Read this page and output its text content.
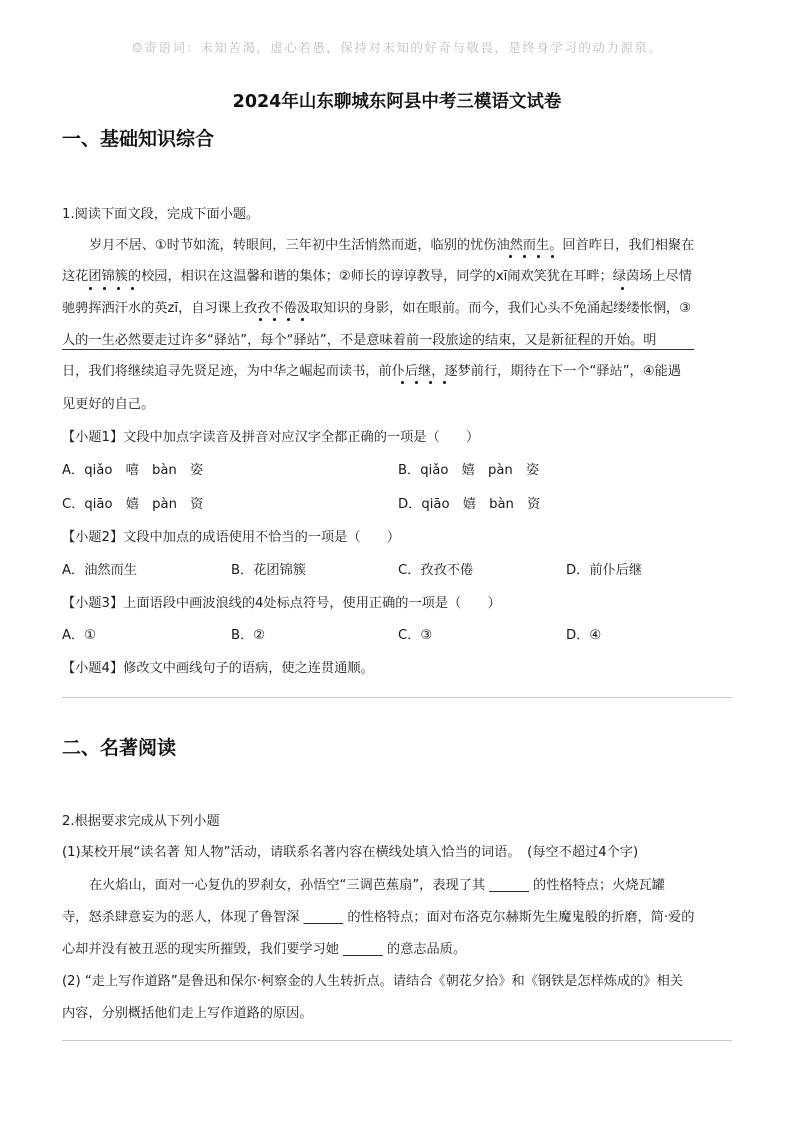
☺寄语词：未知苦渴，虚心若愚，保持对未知的好奇与敬畏，是终身学习的动力源泉。
2024年山东聊城东阿县中考三模语文试卷
一、基础知识综合
1.阅读下面文段，完成下面小题。
岁月不居、①时节如流，转眼间，三年初中生活悄然而逝，临别的忧伤油然而生。回首昨日，我们相聚在
这花团锦簇的校园，相识在这温馨和谐的集体；②师长的谆谆教导，同学的xī闹欢笑犹在耳畔；绿茵场上尽情
驰骋挥洒汗水的英zī，自习课上孜孜不倦汲取知识的身影，如在眼前。而今，我们心头不免涌起缕缕怅惘，③
人的一生必然要走过许多“驿站”，每个“驿站”，不是意味着前一段旅途的结束，又是新征程的开始。明
日，我们将继续追寻先贤足迹，为中华之崛起而读书，前仆后继，逐梦前行，期待在下一个“驿站”，④能遇
见更好的自己。
【小题1】文段中加点字读音及拼音对应汉字全都正确的一项是（　　）
A．qiǎo　嘻　bàn　姿	B．qiǎo　嬉　pàn　姿
C．qiāo　嬉　pàn　资	D．qiāo　嬉　bàn　资
【小题2】文段中加点的成语使用不恰当的一项是（　　）
A．油然而生	B．花团锦簇	C．孜孜不倦	D．前仆后继
【小题3】上面语段中画波浪线的4处标点符号，使用正确的一项是（　　）
A．①	B．②	C．③	D．④
【小题4】修改文中画线句子的语病，使之连贯通顺。
二、名著阅读
2.根据要求完成从下列小题
(1)某校开展“读名著 知人物”活动，请联系名著内容在横线处填入恰当的词语。　(每空不超过4个字)
在火焰山，面对一心复仇的罗刹女，孙悟空“三调芭蕉扇”，表现了其 ______ 的性格特点；火烧瓦罐
寺，怒杀肆意妄为的恶人，体现了鲁智深 ______ 的性格特点；面对布洛克尔赫斯先生魔鬼般的折磨，简·爱的
心却并没有被丑恶的现实所摧毁，我们要学习她 ______ 的意志品质。
(2) “走上写作道路”是鲁迅和保尔·柯察金的人生转折点。请结合《朝花夕拾》和《钢铁是怎样炼成的》相关
内容，分别概括他们走上写作道路的原因。
